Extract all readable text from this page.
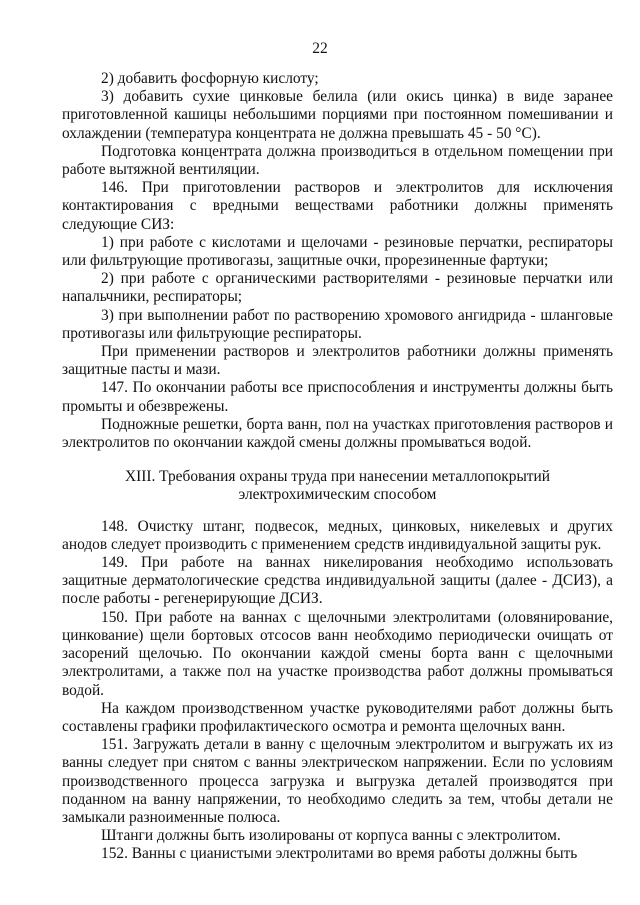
22

2) добавить фосфорную кислоту;

3) добавить сухие цинковые белила (или окись цинка) в виде заранее приготовленной кашицы небольшими порциями при постоянном помешивании и охлаждении (температура концентрата не должна превышать 45 - 50 °С).

Подготовка концентрата должна производиться в отдельном помещении при работе вытяжной вентиляции.

146. При приготовлении растворов и электролитов для исключения контактирования с вредными веществами работники должны применять следующие СИЗ:

1) при работе с кислотами и щелочами - резиновые перчатки, респираторы или фильтрующие противогазы, защитные очки, прорезиненные фартуки;

2) при работе с органическими растворителями - резиновые перчатки или напальчники, респираторы;

3) при выполнении работ по растворению хромового ангидрида - шланговые противогазы или фильтрующие респираторы.

При применении растворов и электролитов работники должны применять защитные пасты и мази.

147. По окончании работы все приспособления и инструменты должны быть промыты и обезврежены.

Подножные решетки, борта ванн, пол на участках приготовления растворов и электролитов по окончании каждой смены должны промываться водой.

XIII. Требования охраны труда при нанесении металлопокрытий
электрохимическим способом

148. Очистку штанг, подвесок, медных, цинковых, никелевых и других анодов следует производить с применением средств индивидуальной защиты рук.

149. При работе на ваннах никелирования необходимо использовать защитные дерматологические средства индивидуальной защиты (далее - ДСИЗ), а после работы - регенерирующие ДСИЗ.

150. При работе на ваннах с щелочными электролитами (оловянирование, цинкование) щели бортовых отсосов ванн необходимо периодически очищать от засорений щелочью. По окончании каждой смены борта ванн с щелочными электролитами, а также пол на участке производства работ должны промываться водой.

На каждом производственном участке руководителями работ должны быть составлены графики профилактического осмотра и ремонта щелочных ванн.

151. Загружать детали в ванну с щелочным электролитом и выгружать их из ванны следует при снятом с ванны электрическом напряжении. Если по условиям производственного процесса загрузка и выгрузка деталей производятся при поданном на ванну напряжении, то необходимо следить за тем, чтобы детали не замыкали разноименные полюса.

Штанги должны быть изолированы от корпуса ванны с электролитом.

152. Ванны с цианистыми электролитами во время работы должны быть
